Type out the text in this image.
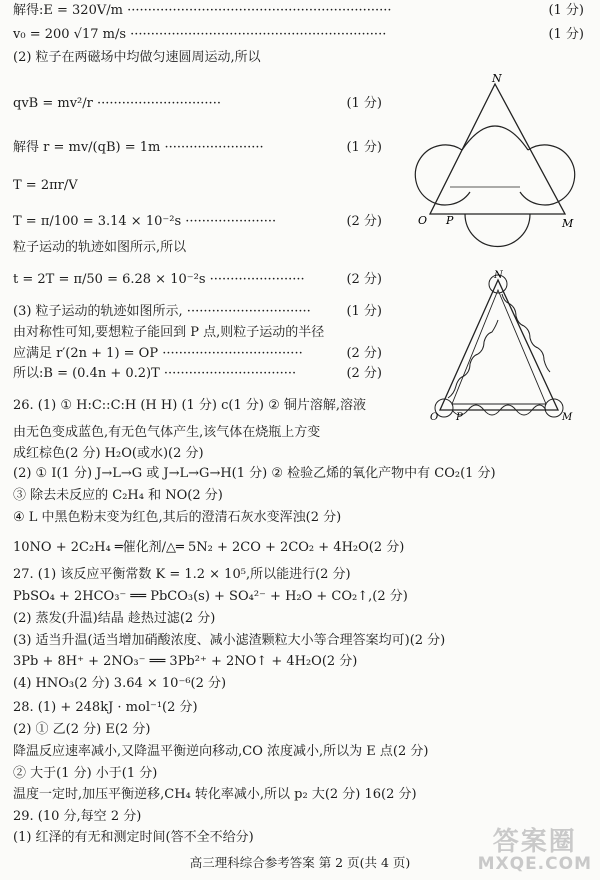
解得:E = 320V/m ································································	(1 分)
v₀ = 200 √17 m/s ······························································	(1 分)
(2) 粒子在两磁场中均做匀速圆周运动,所以
qvB = mv²/r ······························	(1 分)
解得 r = mv/(qB) = 1m ························	(1 分)
T = 2πr/V
T = π/100 = 3.14 × 10⁻²s ······················	(2 分)
粒子运动的轨迹如图所示,所以
t = 2T = π/50 = 6.28 × 10⁻²s ·······················	(2 分)
(3) 粒子运动的轨迹如图所示, ······························	(1 分)
由对称性可知,要想粒子能回到 P 点,则粒子运动的半径
应满足 r′(2n + 1) = OP ··································	(2 分)
所以:B = (0.4n + 0.2)T ································	(2 分)
26. (1) ① H:C::C:H (H H) (1 分) c(1 分) ② 铜片溶解,溶液
由无色变成蓝色,有无色气体产生,该气体在烧瓶上方变
成红棕色(2 分) H₂O(或水)(2 分)
(2) ① I(1 分) J→L→G 或 J→L→G→H(1 分) ② 检验乙烯的氧化产物中有 CO₂(1 分)
③ 除去未反应的 C₂H₄ 和 NO(2 分)
④ L 中黑色粉末变为红色,其后的澄清石灰水变浑浊(2 分)
10NO + 2C₂H₄ ═催化剂/△═ 5N₂ + 2CO + 2CO₂ + 4H₂O(2 分)
27. (1) 该反应平衡常数 K = 1.2 × 10⁵,所以能进行(2 分)
PbSO₄ + 2HCO₃⁻ ══ PbCO₃(s) + SO₄²⁻ + H₂O + CO₂↑,(2 分)
(2) 蒸发(升温)结晶 趁热过滤(2 分)
(3) 适当升温(适当增加硝酸浓度、减小滤渣颗粒大小等合理答案均可)(2 分)
3Pb + 8H⁺ + 2NO₃⁻ ══ 3Pb²⁺ + 2NO↑ + 4H₂O(2 分)
(4) HNO₃(2 分) 3.64 × 10⁻⁶(2 分)
28. (1) + 248kJ · mol⁻¹(2 分)
(2) ① 乙(2 分) E(2 分)
降温反应速率减小,又降温平衡逆向移动,CO 浓度减小,所以为 E 点(2 分)
② 大于(1 分) 小于(1 分)
温度一定时,加压平衡逆移,CH₄ 转化率减小,所以 p₂ 大(2 分) 16(2 分)
29. (10 分,每空 2 分)
(1) 红泽的有无和测定时间(答不全不给分)
N
O P	M
N
O P	M
高三理科综合参考答案 第 2 页(共 4 页)
答案圈
MXQE.COM
